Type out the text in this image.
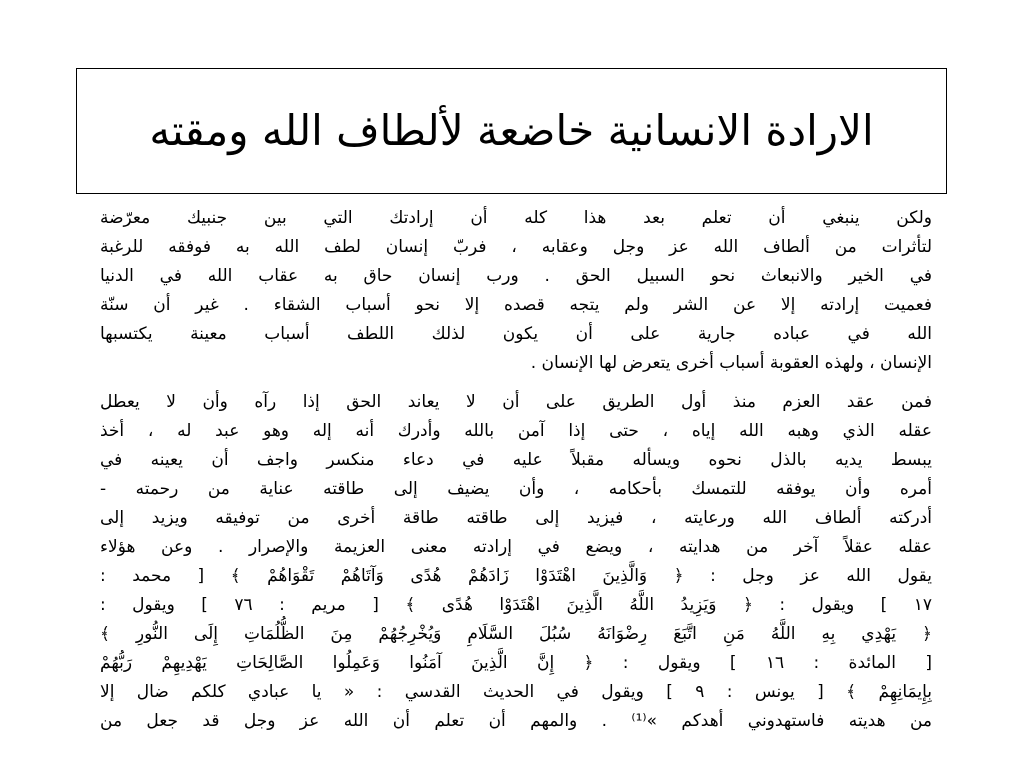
الارادة الانسانية خاضعة لألطاف الله ومقته
ولكن ينبغي أن تعلم بعد هذا كله أن إرادتك التي بين جنبيك معرّضة
لتأثرات من ألطاف الله عز وجل وعقابه ، فربّ إنسان لطف الله به فوفقه للرغبة
في الخير والانبعاث نحو السبيل الحق . ورب إنسان حاق به عقاب الله في الدنيا
فعميت إرادته إلا عن الشر ولم يتجه قصده إلا نحو أسباب الشقاء . غير أن سنّة
الله في عباده جارية على أن يكون لذلك اللطف أسباب معينة يكتسبها
الإنسان ، ولهذه العقوبة أسباب أخرى يتعرض لها الإنسان .
فمن عقد العزم منذ أول الطريق على أن لا يعاند الحق إذا رآه وأن لا يعطل
عقله الذي وهبه الله إياه ، حتى إذا آمن بالله وأدرك أنه إله وهو عبد له ، أخذ
يبسط يديه بالذل نحوه ويسأله مقبلاً عليه في دعاء منكسر واجف أن يعينه في
أمره وأن يوفقه للتمسك بأحكامه ، وأن يضيف إلى طاقته عناية من رحمته -
أدركته ألطاف الله ورعايته ، فيزيد إلى طاقته طاقة أخرى من توفيقه ويزيد إلى
عقله عقلاً آخر من هدايته ، ويضع في إرادته معنى العزيمة والإصرار . وعن هؤلاء
يقول الله عز وجل : ﴿ وَالَّذِينَ اهْتَدَوْا زَادَهُمْ هُدًى وَآتَاهُمْ تَقْوَاهُمْ ﴾ [ محمد :
١٧ ] ويقول : ﴿ وَيَزِيدُ اللَّهُ الَّذِينَ اهْتَدَوْا هُدًى ﴾ [ مريم : ٧٦ ] ويقول :
﴿ يَهْدِي بِهِ اللَّهُ مَنِ اتَّبَعَ رِضْوَانَهُ سُبُلَ السَّلَامِ وَيُخْرِجُهُمْ مِنَ الظُّلُمَاتِ إِلَى النُّورِ ﴾
[ المائدة : ١٦ ] ويقول : ﴿ إِنَّ الَّذِينَ آمَنُوا وَعَمِلُوا الصَّالِحَاتِ يَهْدِيهِمْ رَبُّهُمْ
بِإِيمَانِهِمْ ﴾ [ يونس : ٩ ] ويقول في الحديث القدسي : « يا عبادي كلكم ضال إلا
من هديته فاستهدوني أهدكم »⁽¹⁾ . والمهم أن تعلم أن الله عز وجل قد جعل من
